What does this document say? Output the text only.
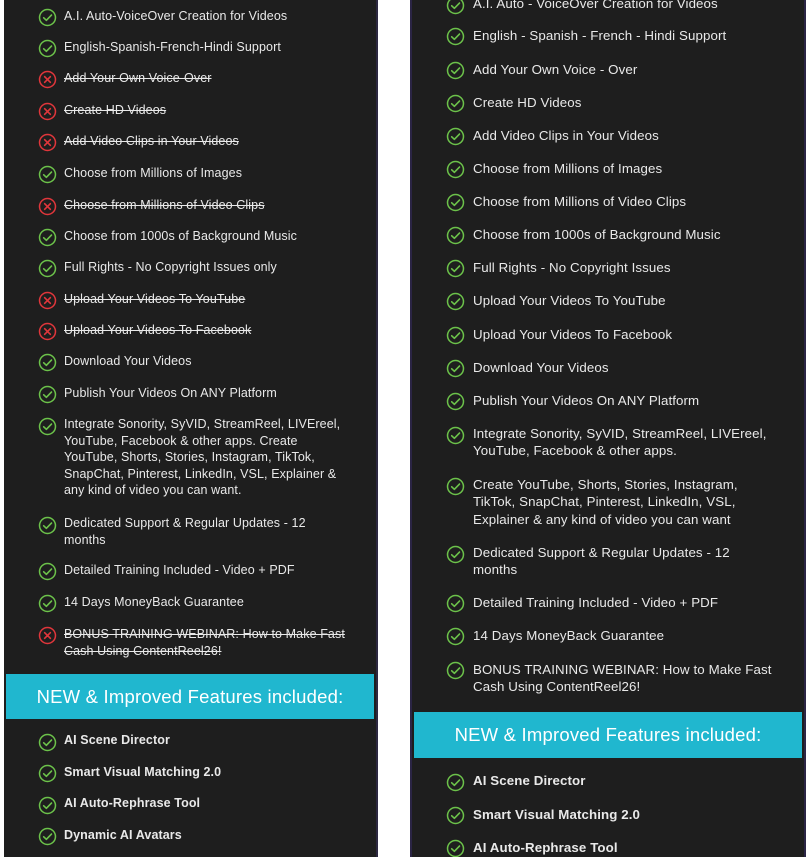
A.I. Auto-VoiceOver Creation for Videos
English-Spanish-French-Hindi Support
Add Your Own Voice-Over
Create HD Videos
Add Video Clips in Your Videos
Choose from Millions of Images
Choose from Millions of Video Clips
Choose from 1000s of Background Music
Full Rights - No Copyright Issues only
Upload Your Videos To YouTube
Upload Your Videos To Facebook
Download Your Videos
Publish Your Videos On ANY Platform
Integrate Sonority, SyVID, StreamReel, LIVEreel, YouTube, Facebook & other apps. Create YouTube, Shorts, Stories, Instagram, TikTok, SnapChat, Pinterest, LinkedIn, VSL, Explainer & any kind of video you can want.
Dedicated Support & Regular Updates - 12 months
Detailed Training Included - Video + PDF
14 Days MoneyBack Guarantee
BONUS TRAINING WEBINAR: How to Make Fast Cash Using ContentReel26!
NEW & Improved Features included:
AI Scene Director
Smart Visual Matching 2.0
AI Auto-Rephrase Tool
Dynamic AI Avatars
A.I. Auto - VoiceOver Creation for Videos
English - Spanish - French - Hindi Support
Add Your Own Voice - Over
Create HD Videos
Add Video Clips in Your Videos
Choose from Millions of Images
Choose from Millions of Video Clips
Choose from 1000s of Background Music
Full Rights - No Copyright Issues
Upload Your Videos To YouTube
Upload Your Videos To Facebook
Download Your Videos
Publish Your Videos On ANY Platform
Integrate Sonority, SyVID, StreamReel, LIVEreel, YouTube, Facebook & other apps.
Create YouTube, Shorts, Stories, Instagram, TikTok, SnapChat, Pinterest, LinkedIn, VSL, Explainer & any kind of video you can want
Dedicated Support & Regular Updates - 12 months
Detailed Training Included - Video + PDF
14 Days MoneyBack Guarantee
BONUS TRAINING WEBINAR: How to Make Fast Cash Using ContentReel26!
NEW & Improved Features included:
AI Scene Director
Smart Visual Matching 2.0
AI Auto-Rephrase Tool
